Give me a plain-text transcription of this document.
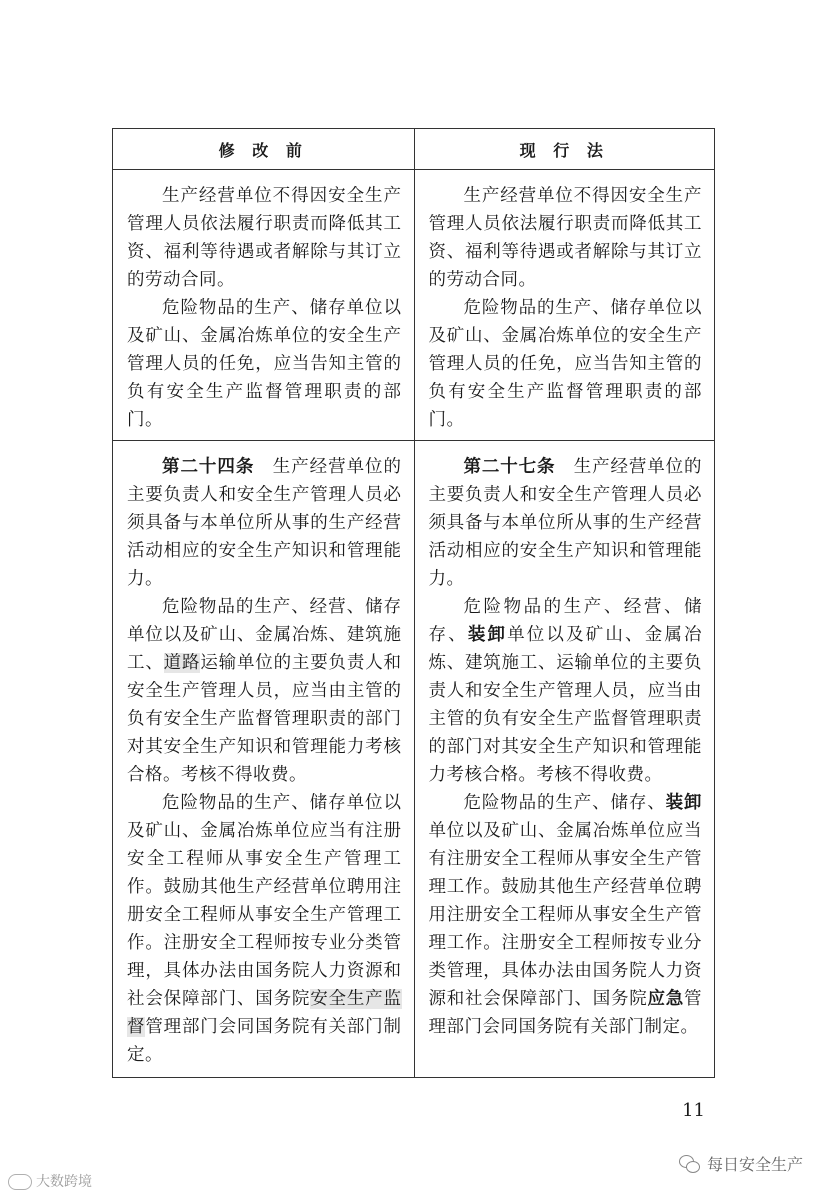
修 改 前	现 行 法

生产经营单位不得因安全生产管理人员依法履行职责而降低其工资、福利等待遇或者解除与其订立的劳动合同。

危险物品的生产、储存单位以及矿山、金属冶炼单位的安全生产管理人员的任免，应当告知主管的负有安全生产监督管理职责的部门。

生产经营单位不得因安全生产管理人员依法履行职责而降低其工资、福利等待遇或者解除与其订立的劳动合同。

危险物品的生产、储存单位以及矿山、金属冶炼单位的安全生产管理人员的任免，应当告知主管的负有安全生产监督管理职责的部门。

第二十四条　 生产经营单位的主要负责人和安全生产管理人员必须具备与本单位所从事的生产经营活动相应的安全生产知识和管理能力。

危险物品的生产、经营、储存单位以及矿山、金属冶炼、建筑施工、道路运输单位的主要负责人和安全生产管理人员，应当由主管的负有安全生产监督管理职责的部门对其安全生产知识和管理能力考核合格。考核不得收费。

危险物品的生产、储存单位以及矿山、金属冶炼单位应当有注册安全工程师从事安全生产管理工作。鼓励其他生产经营单位聘用注册安全工程师从事安全生产管理工作。注册安全工程师按专业分类管理，具体办法由国务院人力资源和社会保障部门、国务院安全生产监督管理部门会同国务院有关部门制定。

第二十七条　 生产经营单位的主要负责人和安全生产管理人员必须具备与本单位所从事的生产经营活动相应的安全生产知识和管理能力。

危险物品的生产、经营、储存、装卸单位以及矿山、金属冶炼、建筑施工、运输单位的主要负责人和安全生产管理人员，应当由主管的负有安全生产监督管理职责的部门对其安全生产知识和管理能力考核合格。考核不得收费。

危险物品的生产、储存、装卸单位以及矿山、金属冶炼单位应当有注册安全工程师从事安全生产管理工作。鼓励其他生产经营单位聘用注册安全工程师从事安全生产管理工作。注册安全工程师按专业分类管理，具体办法由国务院人力资源和社会保障部门、国务院应急管理部门会同国务院有关部门制定。

11
大数跨境
每日安全生产
